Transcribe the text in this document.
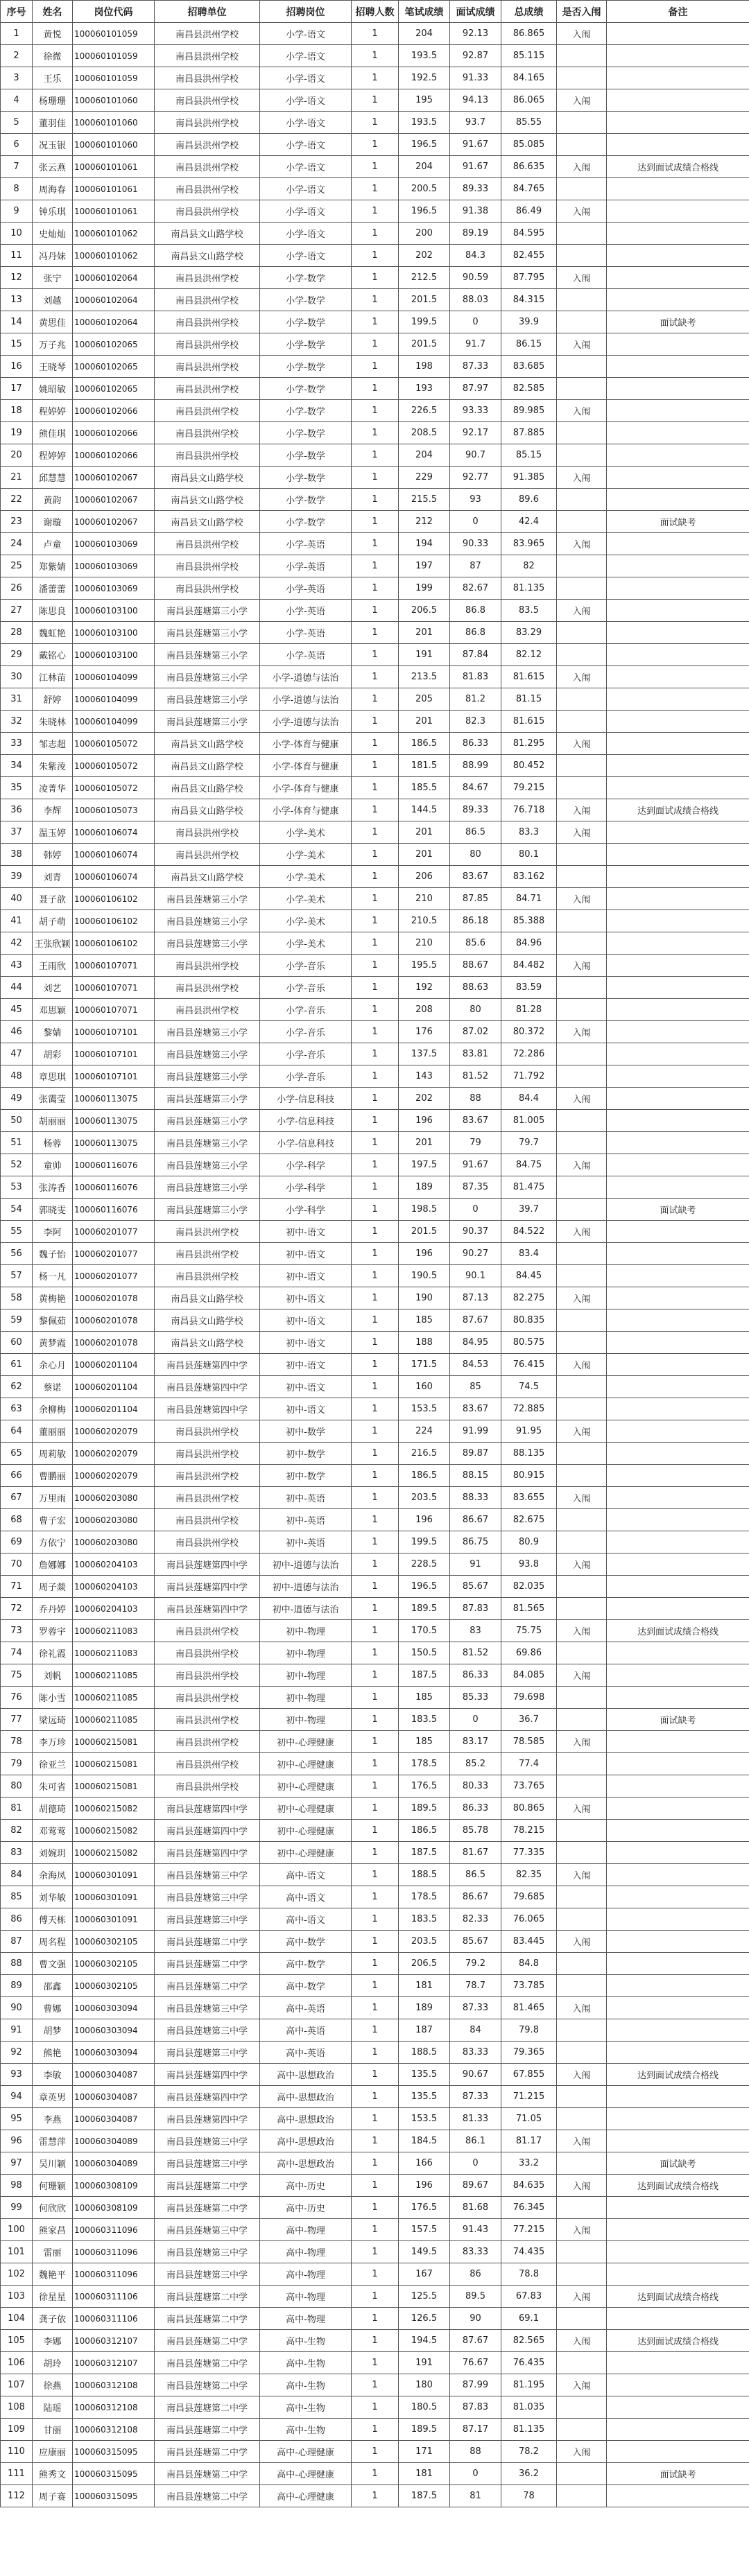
序号	姓名	岗位代码	招聘单位	招聘岗位	招聘人数	笔试成绩	面试成绩	总成绩	是否入闱	备注
1	黄悦	100060101059	南昌县洪州学校	小学-语文	1	204	92.13	86.865	入闱	
2	徐微	100060101059	南昌县洪州学校	小学-语文	1	193.5	92.87	85.115		
3	王乐	100060101059	南昌县洪州学校	小学-语文	1	192.5	91.33	84.165		
4	杨珊珊	100060101060	南昌县洪州学校	小学-语文	1	195	94.13	86.065	入闱	
5	董羽佳	100060101060	南昌县洪州学校	小学-语文	1	193.5	93.7	85.55		
6	况玉银	100060101060	南昌县洪州学校	小学-语文	1	196.5	91.67	85.085		
7	张云燕	100060101061	南昌县洪州学校	小学-语文	1	204	91.67	86.635	入闱	达到面试成绩合格线
8	周海春	100060101061	南昌县洪州学校	小学-语文	1	200.5	89.33	84.765		
9	钟乐琪	100060101061	南昌县洪州学校	小学-语文	1	196.5	91.38	86.49	入闱	
10	史灿灿	100060101062	南昌县文山路学校	小学-语文	1	200	89.19	84.595		
11	冯丹妹	100060101062	南昌县文山路学校	小学-语文	1	202	84.3	82.455		
12	张宁	100060102064	南昌县洪州学校	小学-数学	1	212.5	90.59	87.795	入闱	
13	刘越	100060102064	南昌县洪州学校	小学-数学	1	201.5	88.03	84.315		
14	黄思佳	100060102064	南昌县洪州学校	小学-数学	1	199.5	0	39.9		面试缺考
15	万子兆	100060102065	南昌县洪州学校	小学-数学	1	201.5	91.7	86.15	入闱	
16	王晓琴	100060102065	南昌县洪州学校	小学-数学	1	198	87.33	83.685		
17	姚昭敏	100060102065	南昌县洪州学校	小学-数学	1	193	87.97	82.585		
18	程婷婷	100060102066	南昌县洪州学校	小学-数学	1	226.5	93.33	89.985	入闱	
19	熊佳琪	100060102066	南昌县洪州学校	小学-数学	1	208.5	92.17	87.885		
20	程婷婷	100060102066	南昌县洪州学校	小学-数学	1	204	90.7	85.15		
21	邱慧慧	100060102067	南昌县文山路学校	小学-数学	1	229	92.77	91.385	入闱	
22	黄韵	100060102067	南昌县文山路学校	小学-数学	1	215.5	93	89.6		
23	谢璇	100060102067	南昌县文山路学校	小学-数学	1	212	0	42.4		面试缺考
24	卢童	100060103069	南昌县洪州学校	小学-英语	1	194	90.33	83.965	入闱	
25	郑紫婧	100060103069	南昌县洪州学校	小学-英语	1	197	87	82		
26	潘蕾蕾	100060103069	南昌县洪州学校	小学-英语	1	199	82.67	81.135		
27	陈思良	100060103100	南昌县莲塘第三小学	小学-英语	1	206.5	86.8	83.5	入闱	
28	魏虹艳	100060103100	南昌县莲塘第三小学	小学-英语	1	201	86.8	83.29		
29	戴铭心	100060103100	南昌县莲塘第三小学	小学-英语	1	191	87.84	82.12		
30	江林苗	100060104099	南昌县莲塘第三小学	小学-道德与法治	1	213.5	81.83	81.615	入闱	
31	舒婷	100060104099	南昌县莲塘第三小学	小学-道德与法治	1	205	81.2	81.15		
32	朱晓林	100060104099	南昌县莲塘第三小学	小学-道德与法治	1	201	82.3	81.615		
33	邹志超	100060105072	南昌县文山路学校	小学-体育与健康	1	186.5	86.33	81.295	入闱	
34	朱紫淩	100060105072	南昌县文山路学校	小学-体育与健康	1	181.5	88.99	80.452		
35	凌菁华	100060105072	南昌县文山路学校	小学-体育与健康	1	185.5	84.67	79.215		
36	李辉	100060105073	南昌县文山路学校	小学-体育与健康	1	144.5	89.33	76.718	入闱	达到面试成绩合格线
37	温玉婷	100060106074	南昌县洪州学校	小学-美术	1	201	86.5	83.3	入闱	
38	韩婷	100060106074	南昌县洪州学校	小学-美术	1	201	80	80.1		
39	刘青	100060106074	南昌县文山路学校	小学-美术	1	206	83.67	83.162		
40	聂子歆	100060106102	南昌县莲塘第三小学	小学-美术	1	210	87.85	84.71	入闱	
41	胡子萌	100060106102	南昌县莲塘第三小学	小学-美术	1	210.5	86.18	85.388		
42	王张欣颖	100060106102	南昌县莲塘第三小学	小学-美术	1	210	85.6	84.96		
43	王雨欣	100060107071	南昌县洪州学校	小学-音乐	1	195.5	88.67	84.482	入闱	
44	刘艺	100060107071	南昌县洪州学校	小学-音乐	1	192	88.63	83.59		
45	邓思颖	100060107071	南昌县洪州学校	小学-音乐	1	208	80	81.28		
46	黎婧	100060107101	南昌县莲塘第三小学	小学-音乐	1	176	87.02	80.372	入闱	
47	胡彩	100060107101	南昌县莲塘第三小学	小学-音乐	1	137.5	83.81	72.286		
48	章思琪	100060107101	南昌县莲塘第三小学	小学-音乐	1	143	81.52	71.792		
49	张霭莹	100060113075	南昌县莲塘第三小学	小学-信息科技	1	202	88	84.4	入闱	
50	胡丽丽	100060113075	南昌县莲塘第三小学	小学-信息科技	1	196	83.67	81.005		
51	杨蓉	100060113075	南昌县莲塘第三小学	小学-信息科技	1	201	79	79.7		
52	童帅	100060116076	南昌县莲塘第三小学	小学-科学	1	197.5	91.67	84.75	入闱	
53	张涛香	100060116076	南昌县莲塘第三小学	小学-科学	1	189	87.35	81.475		
54	郭晓雯	100060116076	南昌县莲塘第三小学	小学-科学	1	198.5	0	39.7		面试缺考
55	李阿	100060201077	南昌县洪州学校	初中-语文	1	201.5	90.37	84.522	入闱	
56	魏子怡	100060201077	南昌县洪州学校	初中-语文	1	196	90.27	83.4		
57	杨一凡	100060201077	南昌县洪州学校	初中-语文	1	190.5	90.1	84.45		
58	黄梅艳	100060201078	南昌县文山路学校	初中-语文	1	190	87.13	82.275	入闱	
59	黎佩茹	100060201078	南昌县文山路学校	初中-语文	1	185	87.67	80.835		
60	黄梦霞	100060201078	南昌县文山路学校	初中-语文	1	188	84.95	80.575		
61	余心月	100060201104	南昌县莲塘第四中学	初中-语文	1	171.5	84.53	76.415	入闱	
62	蔡诺	100060201104	南昌县莲塘第四中学	初中-语文	1	160	85	74.5		
63	余柳梅	100060201104	南昌县莲塘第四中学	初中-语文	1	153.5	83.67	72.885		
64	董丽丽	100060202079	南昌县洪州学校	初中-数学	1	224	91.99	91.95	入闱	
65	周莉敏	100060202079	南昌县洪州学校	初中-数学	1	216.5	89.87	88.135		
66	曹鹏丽	100060202079	南昌县洪州学校	初中-数学	1	186.5	88.15	80.915		
67	万里雨	100060203080	南昌县洪州学校	初中-英语	1	203.5	88.33	83.655	入闱	
68	曹子宏	100060203080	南昌县洪州学校	初中-英语	1	196	86.67	82.675		
69	方依宁	100060203080	南昌县洪州学校	初中-英语	1	199.5	86.75	80.9		
70	詹娜娜	100060204103	南昌县莲塘第四中学	初中-道德与法治	1	228.5	91	93.8	入闱	
71	周子燚	100060204103	南昌县莲塘第四中学	初中-道德与法治	1	196.5	85.67	82.035		
72	乔丹婷	100060204103	南昌县莲塘第四中学	初中-道德与法治	1	189.5	87.83	81.565		
73	罗蓉宇	100060211083	南昌县洪州学校	初中-物理	1	170.5	83	75.75	入闱	达到面试成绩合格线
74	徐礼霞	100060211083	南昌县洪州学校	初中-物理	1	150.5	81.52	69.86		
75	刘帆	100060211085	南昌县洪州学校	初中-物理	1	187.5	86.33	84.085	入闱	
76	陈小雪	100060211085	南昌县洪州学校	初中-物理	1	185	85.33	79.698		
77	梁远琦	100060211085	南昌县洪州学校	初中-物理	1	183.5	0	36.7		面试缺考
78	李万珍	100060215081	南昌县洪州学校	初中-心理健康	1	185	83.17	78.585	入闱	
79	徐亚兰	100060215081	南昌县洪州学校	初中-心理健康	1	178.5	85.2	77.4		
80	朱可省	100060215081	南昌县洪州学校	初中-心理健康	1	176.5	80.33	73.765		
81	胡德琦	100060215082	南昌县莲塘第四中学	初中-心理健康	1	189.5	86.33	80.865	入闱	
82	邓莺莺	100060215082	南昌县莲塘第四中学	初中-心理健康	1	186.5	85.78	78.215		
83	刘婉玥	100060215082	南昌县莲塘第四中学	初中-心理健康	1	187.5	81.67	77.335		
84	余海凤	100060301091	南昌县莲塘第三中学	高中-语文	1	188.5	86.5	82.35	入闱	
85	刘华敏	100060301091	南昌县莲塘第三中学	高中-语文	1	178.5	86.67	79.685		
86	傅天栋	100060301091	南昌县莲塘第三中学	高中-语文	1	183.5	82.33	76.065		
87	周名程	100060302105	南昌县莲塘第二中学	高中-数学	1	203.5	85.67	83.445	入闱	
88	曹文强	100060302105	南昌县莲塘第二中学	高中-数学	1	206.5	79.2	84.8		
89	邵鑫	100060302105	南昌县莲塘第二中学	高中-数学	1	181	78.7	73.785		
90	曹娜	100060303094	南昌县莲塘第三中学	高中-英语	1	189	87.33	81.465	入闱	
91	胡梦	100060303094	南昌县莲塘第三中学	高中-英语	1	187	84	79.8		
92	熊艳	100060303094	南昌县莲塘第三中学	高中-英语	1	188.5	83.33	79.365		
93	李敏	100060304087	南昌县莲塘第四中学	高中-思想政治	1	135.5	90.67	67.855	入闱	达到面试成绩合格线
94	章英男	100060304087	南昌县莲塘第四中学	高中-思想政治	1	135.5	87.33	71.215		
95	李燕	100060304087	南昌县莲塘第四中学	高中-思想政治	1	153.5	81.33	71.05		
96	雷慧萍	100060304089	南昌县莲塘第三中学	高中-思想政治	1	184.5	86.1	81.17	入闱	
97	吴川颖	100060304089	南昌县莲塘第三中学	高中-思想政治	1	166	0	33.2		面试缺考
98	何珊颖	100060308109	南昌县莲塘第二中学	高中-历史	1	196	89.67	84.635	入闱	达到面试成绩合格线
99	何欣欣	100060308109	南昌县莲塘第二中学	高中-历史	1	176.5	81.68	76.345		
100	熊家昌	100060311096	南昌县莲塘第三中学	高中-物理	1	157.5	91.43	77.215	入闱	
101	雷丽	100060311096	南昌县莲塘第三中学	高中-物理	1	149.5	83.33	74.435		
102	魏艳平	100060311096	南昌县莲塘第三中学	高中-物理	1	167	86	78.8		
103	徐星星	100060311106	南昌县莲塘第二中学	高中-物理	1	125.5	89.5	67.83	入闱	达到面试成绩合格线
104	龚子依	100060311106	南昌县莲塘第二中学	高中-物理	1	126.5	90	69.1		
105	李娜	100060312107	南昌县莲塘第二中学	高中-生物	1	194.5	87.67	82.565	入闱	达到面试成绩合格线
106	胡玲	100060312107	南昌县莲塘第二中学	高中-生物	1	191	76.67	76.435		
107	徐燕	100060312108	南昌县莲塘第二中学	高中-生物	1	180	87.99	81.195	入闱	
108	陆瑶	100060312108	南昌县莲塘第二中学	高中-生物	1	180.5	87.83	81.035		
109	甘丽	100060312108	南昌县莲塘第二中学	高中-生物	1	189.5	87.17	81.135		
110	应康丽	100060315095	南昌县莲塘第二中学	高中-心理健康	1	171	88	78.2	入闱	
111	熊秀文	100060315095	南昌县莲塘第二中学	高中-心理健康	1	181	0	36.2		面试缺考
112	周子赛	100060315095	南昌县莲塘第二中学	高中-心理健康	1	187.5	81	78		
